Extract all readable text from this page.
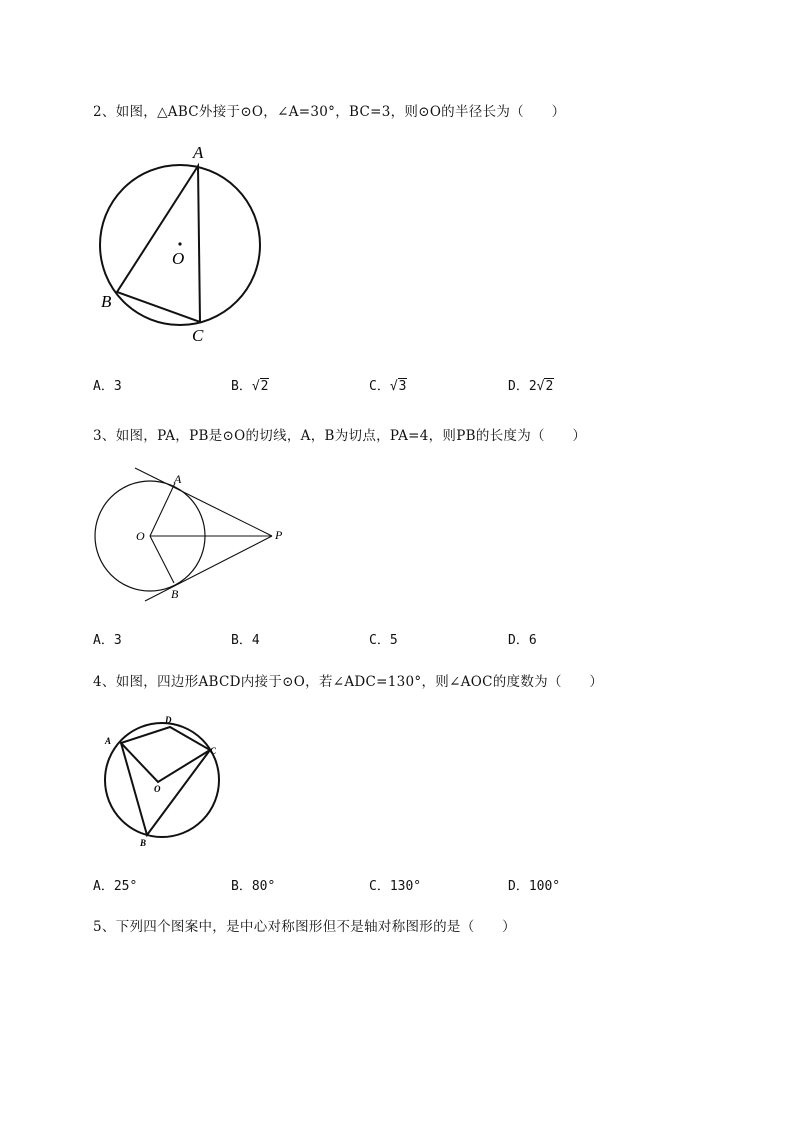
2、如图，△ABC外接于⊙O，∠A=30°，BC=3，则⊙O的半径长为（　　）
A
O
B
C
A．3	B．√2	C．√3	D．2√2
3、如图，PA，PB是⊙O的切线，A，B为切点，PA=4，则PB的长度为（　　）
A
O	P
B
A．3	B．4	C．5	D．6
4、如图，四边形ABCD内接于⊙O，若∠ADC=130°，则∠AOC的度数为（　　）
A
D
C
O
B
A．25°	B．80°	C．130°	D．100°
5、下列四个图案中，是中心对称图形但不是轴对称图形的是（　　）
